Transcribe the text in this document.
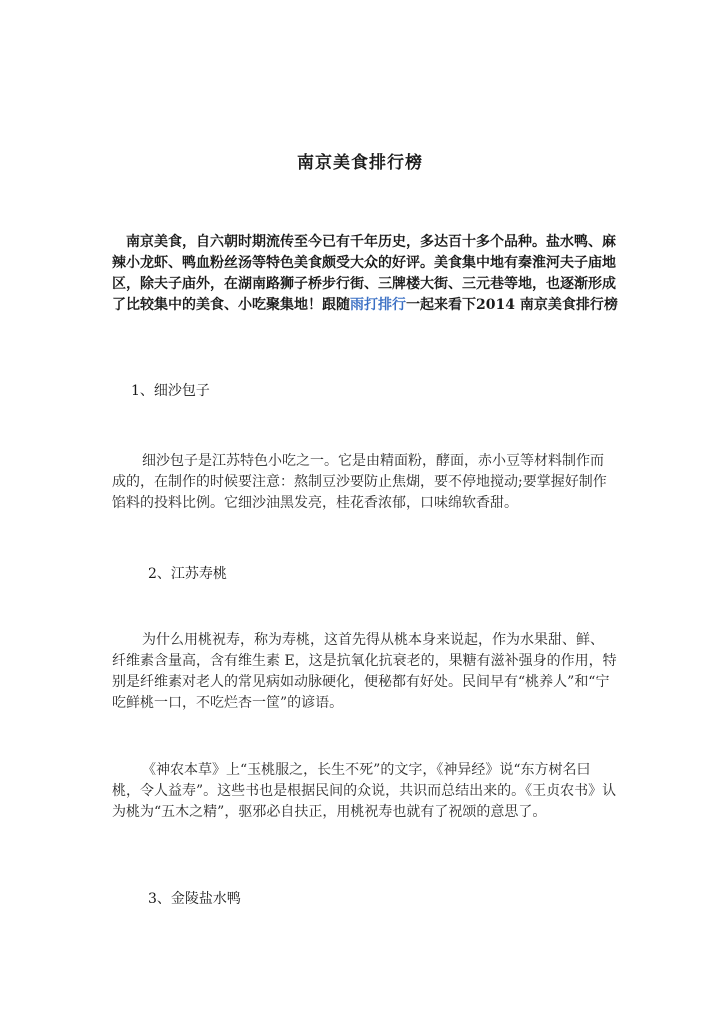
南京美食排行榜

南京美食，自六朝时期流传至今已有千年历史，多达百十多个品种。盐水鸭、麻辣小龙虾、鸭血粉丝汤等特色美食颇受大众的好评。美食集中地有秦淮河夫子庙地区，除夫子庙外，在湖南路狮子桥步行街、三牌楼大街、三元巷等地，也逐渐形成了比较集中的美食、小吃聚集地！跟随雨打排行一起来看下2014 南京美食排行榜

1、细沙包子

细沙包子是江苏特色小吃之一。它是由精面粉，酵面，赤小豆等材料制作而成的，在制作的时候要注意：熬制豆沙要防止焦煳，要不停地搅动;要掌握好制作馅料的投料比例。它细沙油黑发亮，桂花香浓郁，口味绵软香甜。

2、江苏寿桃

为什么用桃祝寿，称为寿桃，这首先得从桃本身来说起，作为水果甜、鲜、纤维素含量高，含有维生素 E，这是抗氧化抗衰老的，果糖有滋补强身的作用，特别是纤维素对老人的常见病如动脉硬化，便秘都有好处。民间早有“桃养人”和“宁吃鲜桃一口，不吃烂杏一筐”的谚语。

《神农本草》上“玉桃服之，长生不死”的文字，《神异经》说“东方树名曰桃，令人益寿”。这些书也是根据民间的众说，共识而总结出来的。《王贞农书》认为桃为“五木之精”，驱邪必自扶正，用桃祝寿也就有了祝颂的意思了。

3、金陵盐水鸭
